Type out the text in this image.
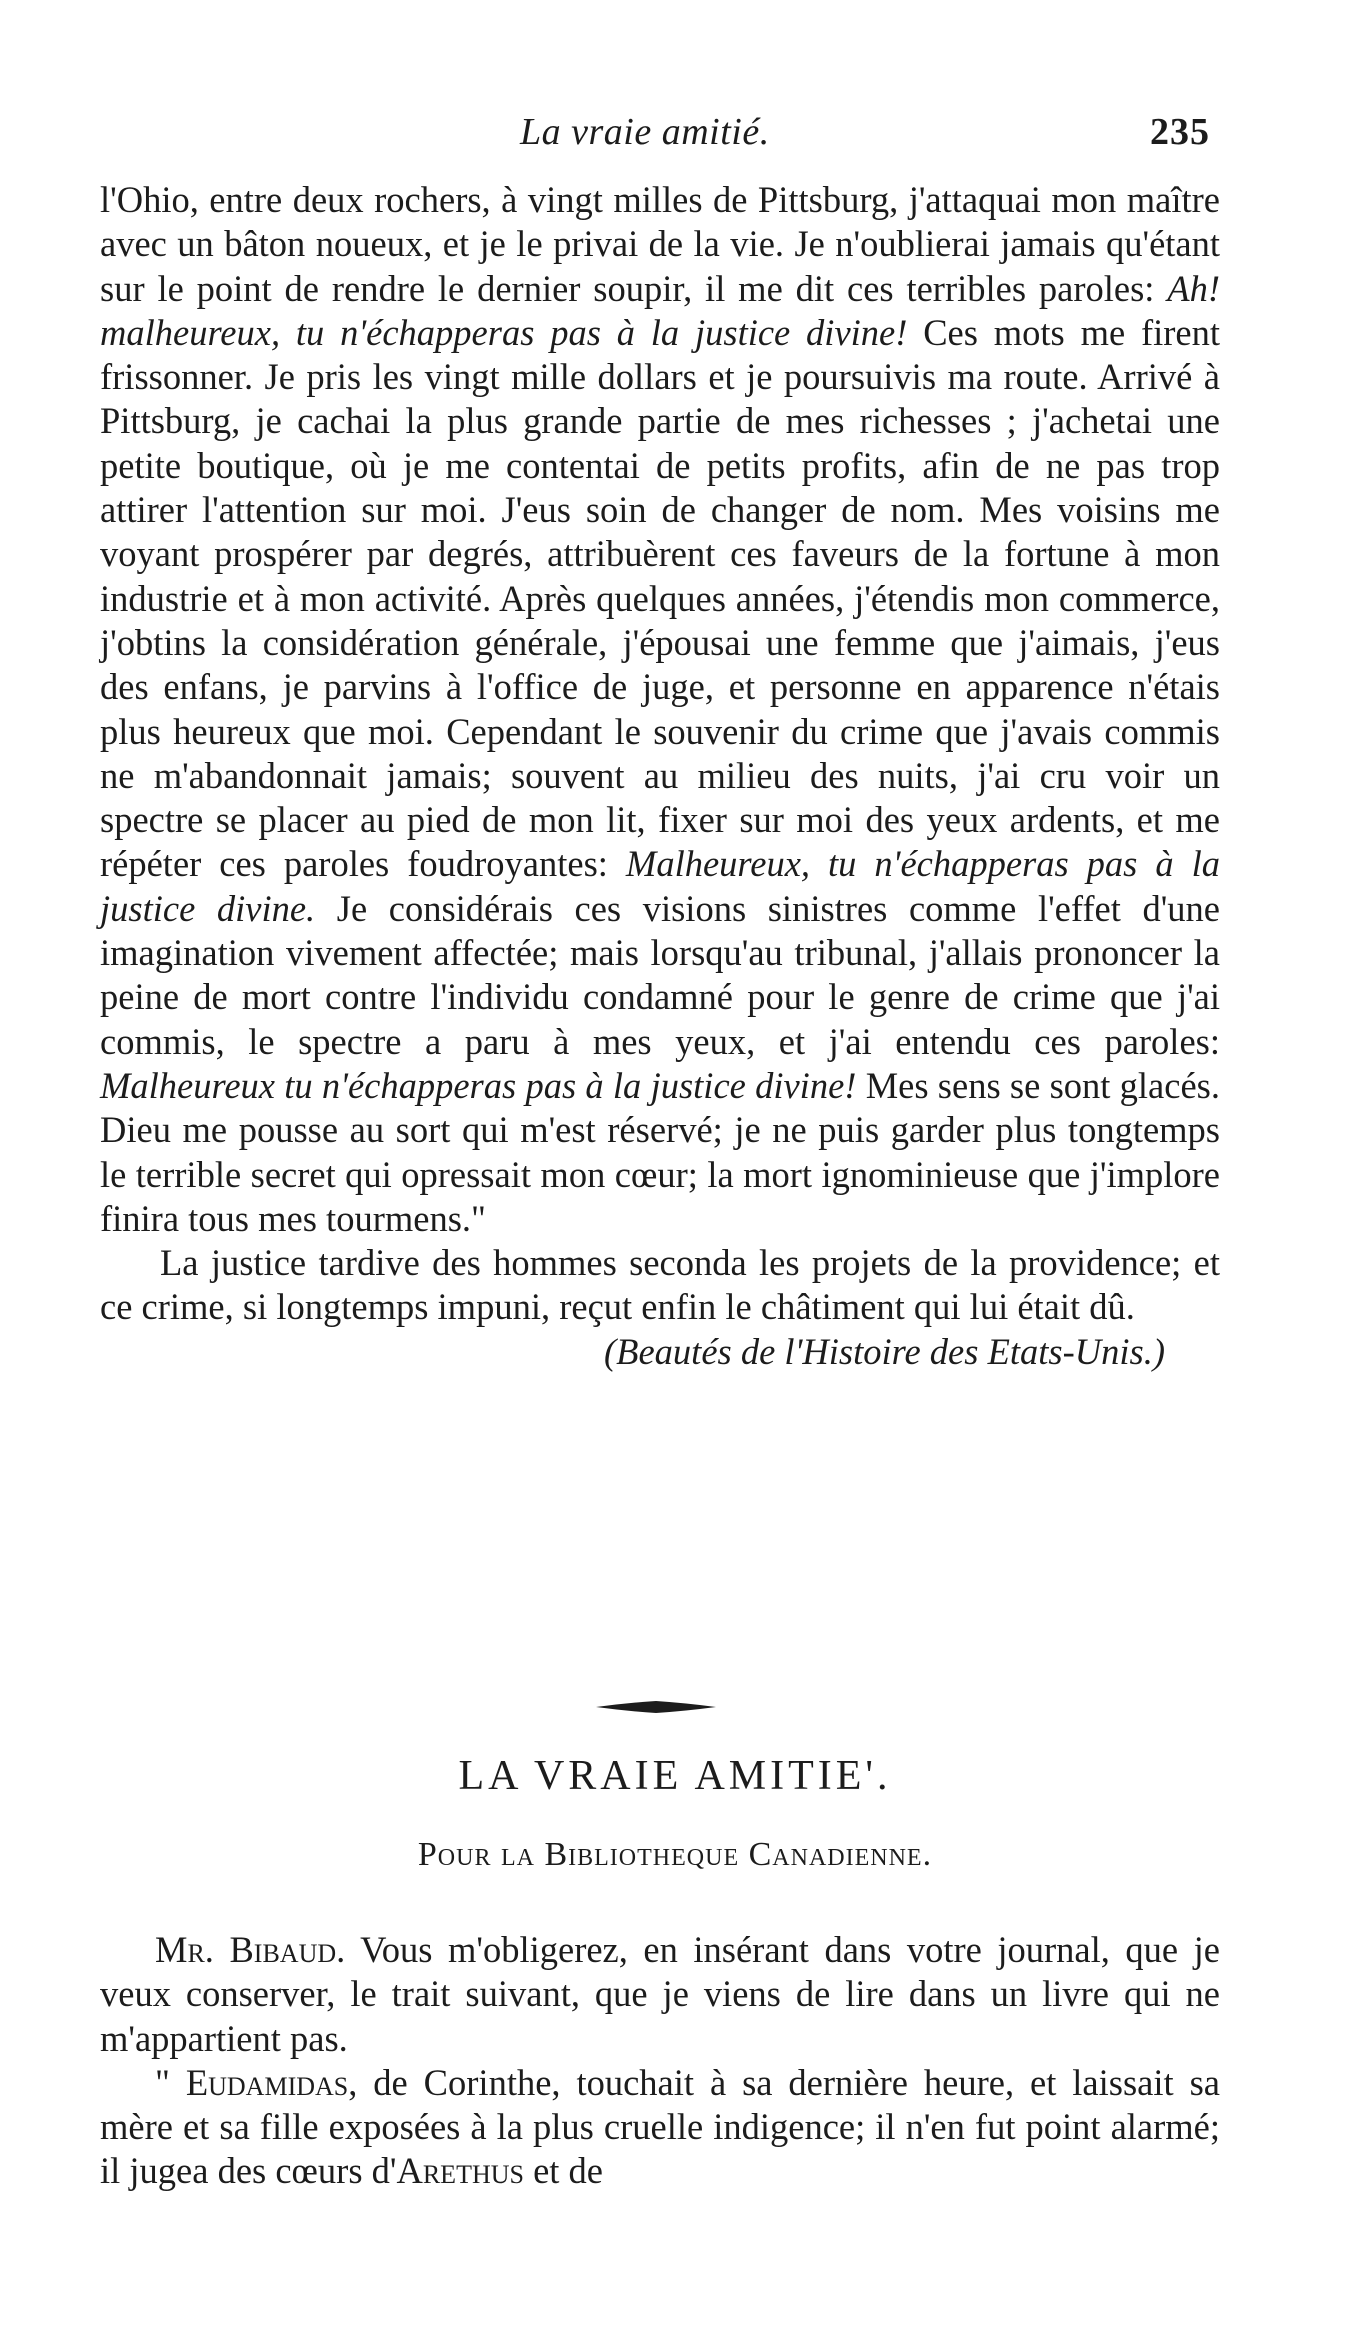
La vraie amitié.	235

l'Ohio, entre deux rochers, à vingt milles de Pittsburg, j'attaquai mon maître avec un bâton noueux, et je le privai de la vie. Je n'oublierai jamais qu'étant sur le point de rendre le dernier soupir, il me dit ces terribles paroles: Ah! malheureux, tu n'échapperas pas à la justice divine! Ces mots me firent frissonner. Je pris les vingt mille dollars et je poursuivis ma route. Arrivé à Pittsburg, je cachai la plus grande partie de mes richesses ; j'achetai une petite boutique, où je me contentai de petits profits, afin de ne pas trop attirer l'attention sur moi. J'eus soin de changer de nom. Mes voisins me voyant prospérer par degrés, attribuèrent ces faveurs de la fortune à mon industrie et à mon activité. Après quelques années, j'étendis mon commerce, j'obtins la considération générale, j'épousai une femme que j'aimais, j'eus des enfans, je parvins à l'office de juge, et personne en apparence n'étais plus heureux que moi. Cependant le souvenir du crime que j'avais commis ne m'abandonnait jamais; souvent au milieu des nuits, j'ai cru voir un spectre se placer au pied de mon lit, fixer sur moi des yeux ardents, et me répéter ces paroles foudroyantes: Malheureux, tu n'échapperas pas à la justice divine. Je considérais ces visions sinistres comme l'effet d'une imagination vivement affectée; mais lorsqu'au tribunal, j'allais prononcer la peine de mort contre l'individu condamné pour le genre de crime que j'ai commis, le spectre a paru à mes yeux, et j'ai entendu ces paroles: Malheureux tu n'échapperas pas à la justice divine! Mes sens se sont glacés. Dieu me pousse au sort qui m'est réservé; je ne puis garder plus tongtemps le terrible secret qui opressait mon cœur; la mort ignominieuse que j'implore finira tous mes tourmens."

La justice tardive des hommes seconda les projets de la providence; et ce crime, si longtemps impuni, reçut enfin le châtiment qui lui était dû.

(Beautés de l'Histoire des Etats-Unis.)

LA VRAIE AMITIE'.
Pour la Bibliotheque Canadienne.

Mr. Bibaud. Vous m'obligerez, en insérant dans votre journal, que je veux conserver, le trait suivant, que je viens de lire dans un livre qui ne m'appartient pas.

" Eudamidas, de Corinthe, touchait à sa dernière heure, et laissait sa mère et sa fille exposées à la plus cruelle indigence; il n'en fut point alarmé; il jugea des cœurs d'Arethus et de
